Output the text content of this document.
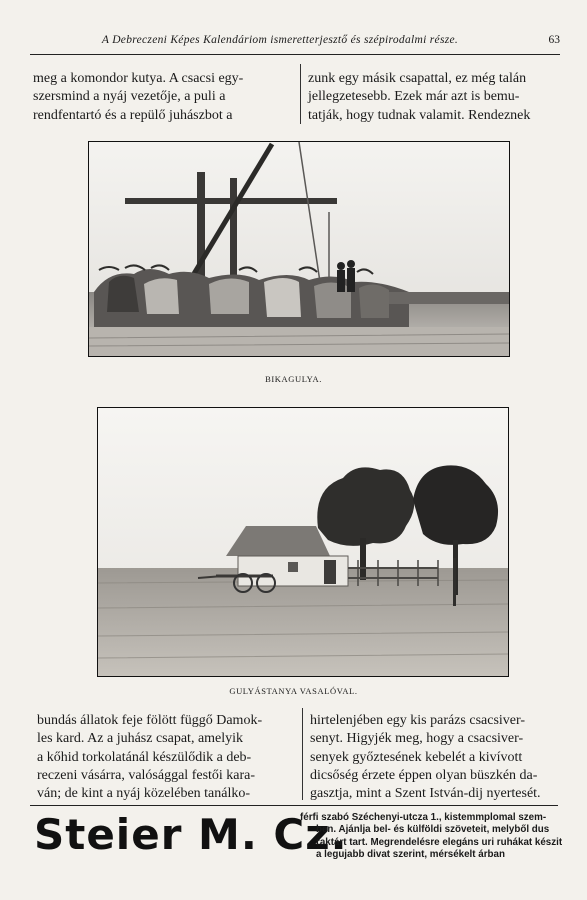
A Debreczeni Képes Kalendáriom ismeretterjesztő és szépirodalmi része.	63
meg a komondor kutya. A csacsi egy-
szersmind a nyáj vezetője, a puli a
rendfentartó és a repülő juhászbot a
zunk egy másik csapattal, ez még talán
jellegzetesebb. Ezek már azt is bemu-
tatják, hogy tudnak valamit. Rendeznek
BIKAGULYA.
GULYÁSTANYA VASALÓVAL.
bundás állatok feje fölött függő Damok-
les kard. Az a juhász csapat, amelyik
a kőhid torkolatánál készülődik a deb-
reczeni vásárra, valósággal festői kara-
ván; de kint a nyáj közelében tanálko-
hirtelenjében egy kis parázs csacsiver-
senyt. Higyjék meg, hogy a csacsiver-
senyek győztesének kebelét a kivívott
dicsőség érzete éppen olyan büszkén da-
gasztja, mint a Szent István-dij nyertesét.
Steier M. Cz.
férfi szabó Széchenyi-utcza 1., kistemmplomal szem-
ben. Ajánlja bel- és külföldi szöveteit, melyből dus
raktárt tart. Megrendelésre elegáns uri ruhákat készit
a legujabb divat szerint, mérsékelt árban
